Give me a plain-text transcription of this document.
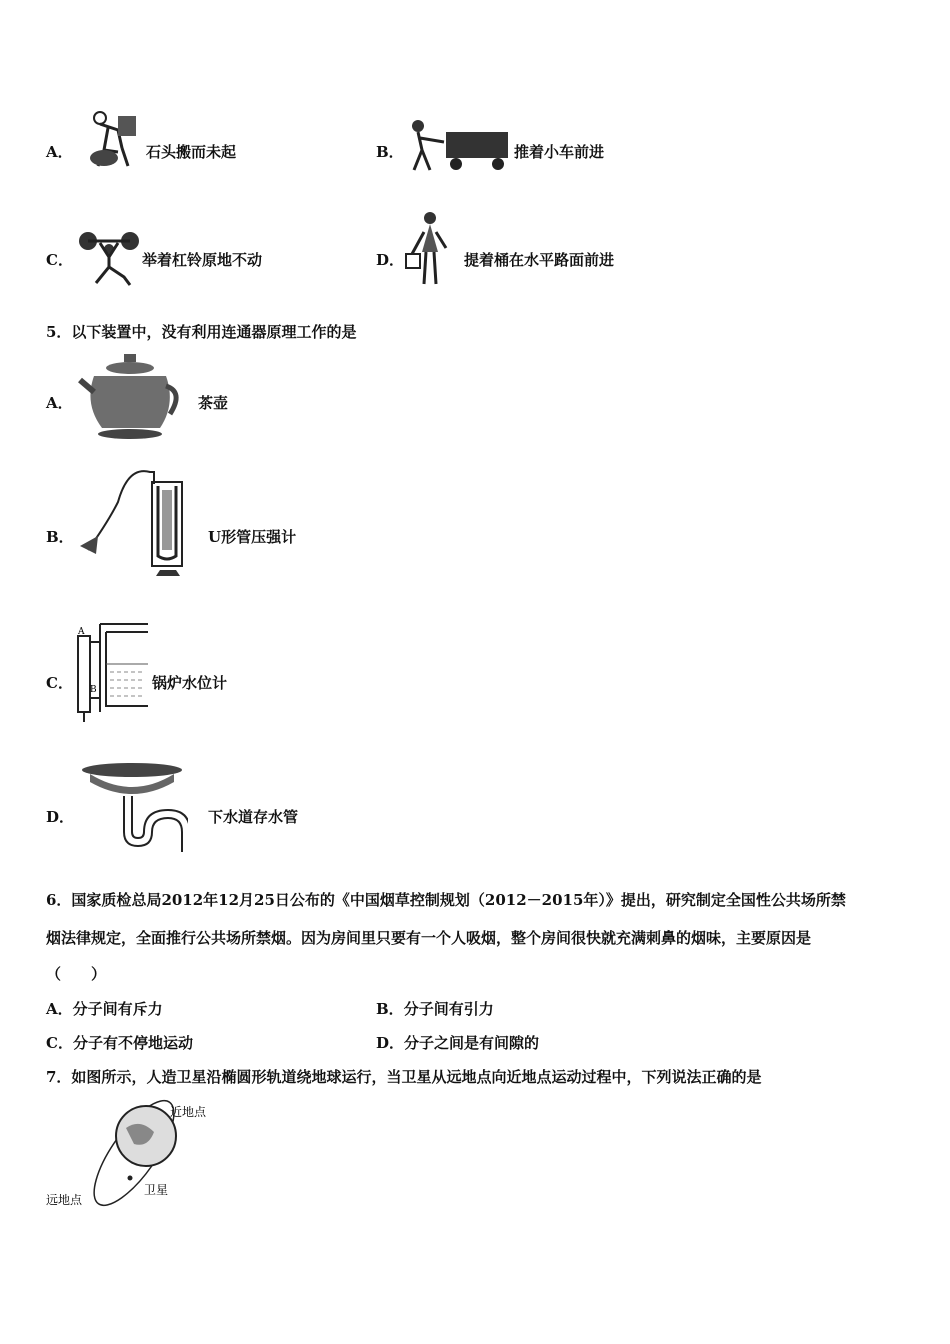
A．	石头搬而未起	B．	推着小车前进
C．	举着杠铃原地不动	D．	提着桶在水平路面前进
5．以下装置中，没有利用连通器原理工作的是
A．	茶壶
B．	U形管压强计
C．
A
B	锅炉水位计
D．	下水道存水管
6．国家质检总局2012年12月25日公布的《中国烟草控制规划（2012－2015年）》提出，研究制定全国性公共场所禁
烟法律规定，全面推行公共场所禁烟。因为房间里只要有一个人吸烟，整个房间很快就充满刺鼻的烟味，主要原因是
（　　）
A．分子间有斥力	B．分子间有引力
C．分子有不停地运动	D．分子之间是有间隙的
7．如图所示，人造卫星沿椭圆形轨道绕地球运行，当卫星从远地点向近地点运动过程中，下列说法正确的是
近地点
远地点
卫星
